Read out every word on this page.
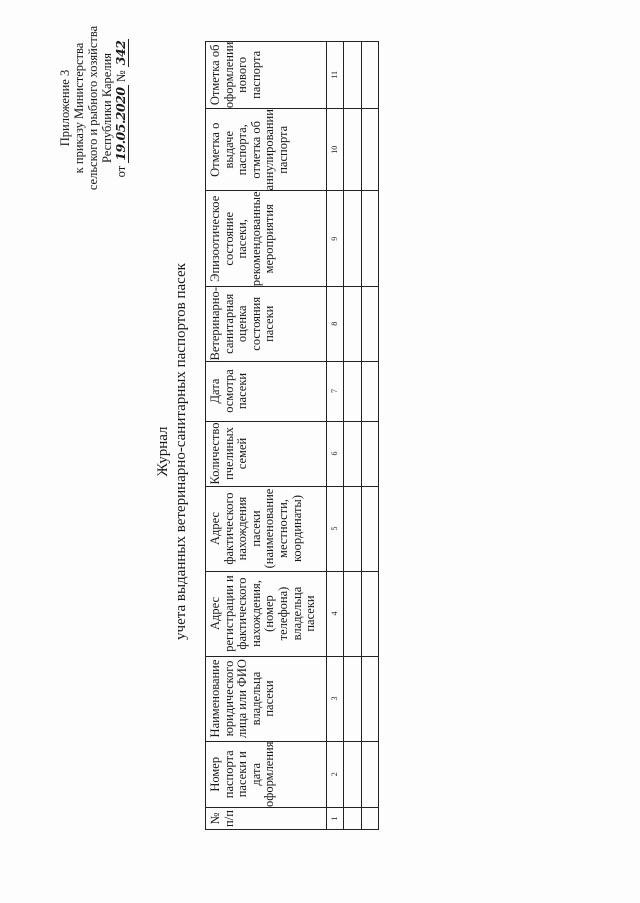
Приложение 3 к приказу Министерства сельского и рыбного хозяйства Республики Карелия
от 19.05.2020 № 342
Журнал учета выданных ветеринарно-санитарных паспортов пасек
№ п/п	Номер паспорта пасеки и дата оформления	Наименование юридического лица или ФИО владельца пасеки	Адрес регистрации и фактического нахождения, (номер телефона) владельца пасеки	Адрес фактического нахождения пасеки (наименование местности, координаты)	Количество пчелиных семей	Дата осмотра пасеки	Ветеринарно-санитарная оценка состояния пасеки	Эпизоотическое состояние пасеки, рекомендованные мероприятия	Отметка о выдаче паспорта, отметка об аннулировании паспорта	Отметка об оформлении нового паспорта
1	2	3	4	5	6	7	8	9	10	11
